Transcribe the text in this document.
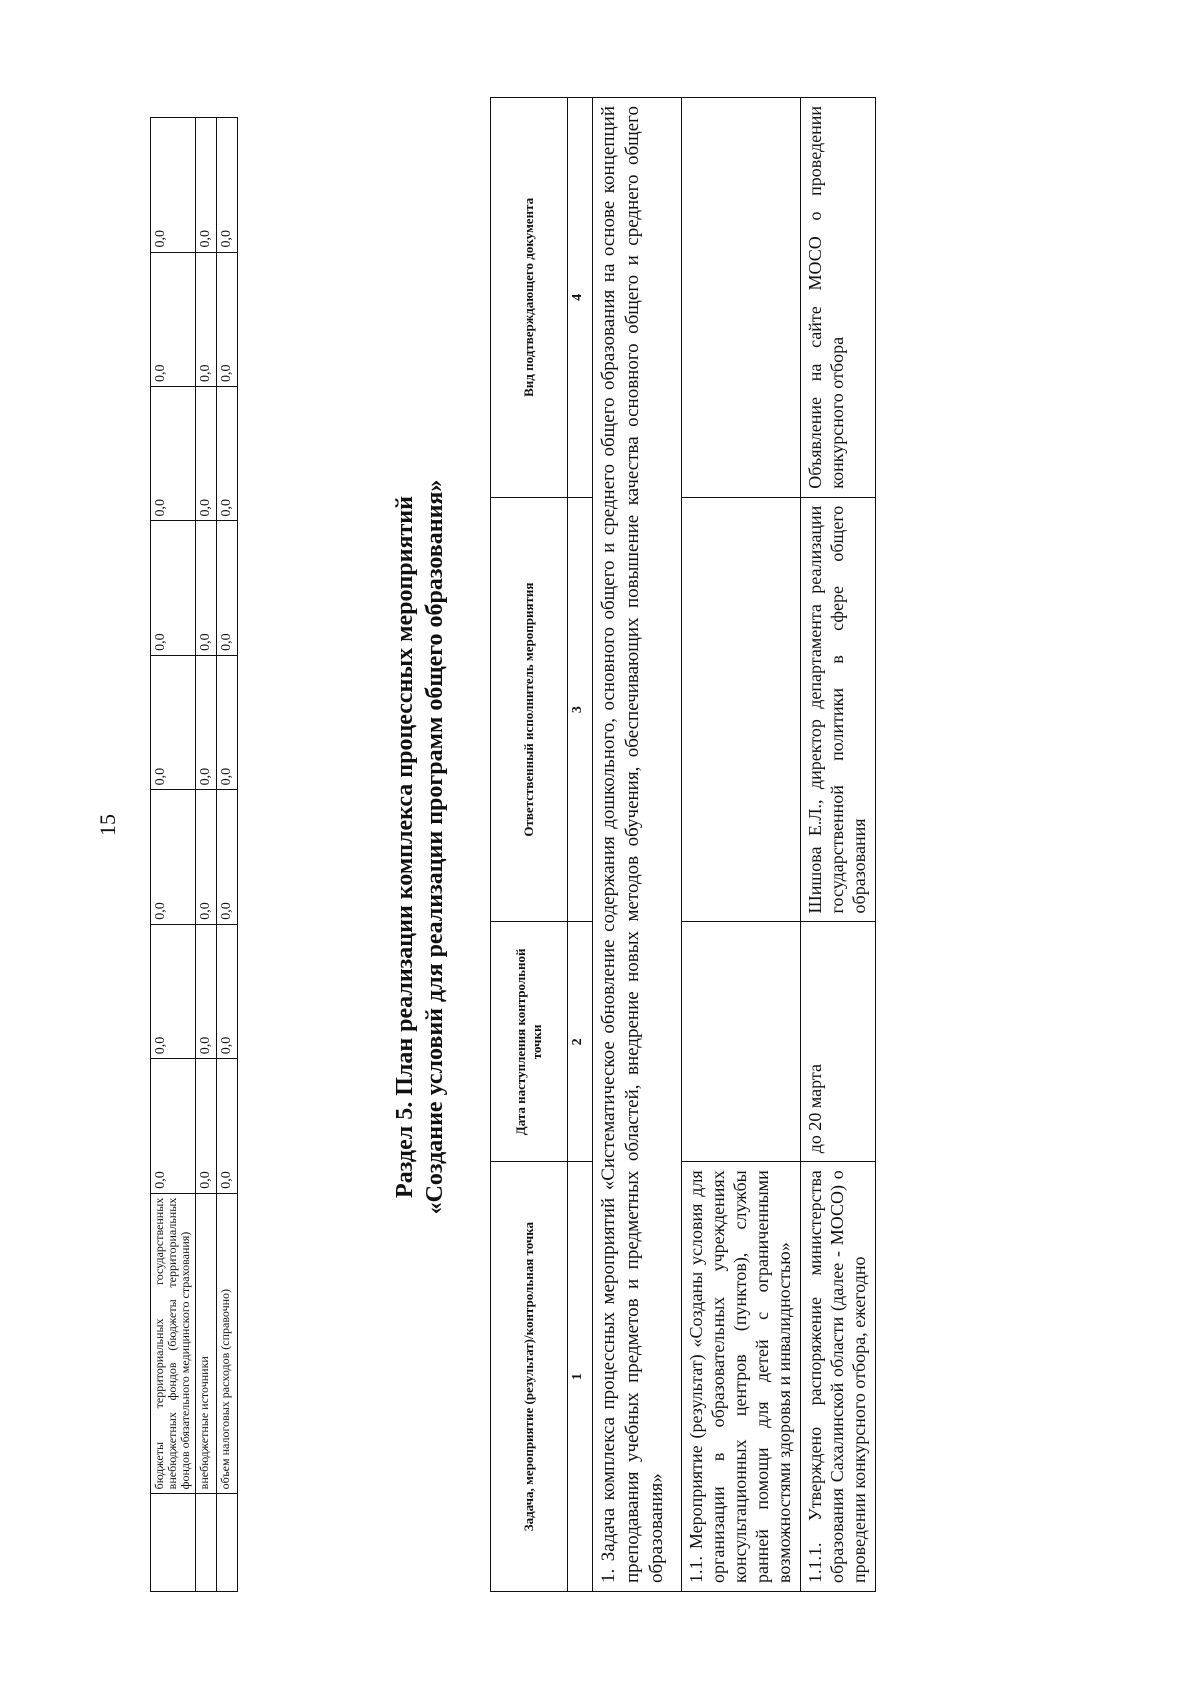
15
	бюджеты территориальных государственных внебюджетных фондов (бюджеты территориальных фондов обязательного медицинского страхования)	0,0	0,0	0,0	0,0	0,0	0,0	0,0	0,0
	внебюджетные источники	0,0	0,0	0,0	0,0	0,0	0,0	0,0	0,0
	объем налоговых расходов (справочно)	0,0	0,0	0,0	0,0	0,0	0,0	0,0	0,0
Раздел 5. План реализации комплекса процессных мероприятий «Создание условий для реализации программ общего образования»
Задача, мероприятие (результат)/контрольная точка	Дата наступления контрольной точки	Ответственный исполнитель мероприятия	Вид подтверждающего документа
1	2	3	4
1. Задача комплекса процессных мероприятий «Систематическое обновление содержания дошкольного, основного общего и среднего общего образования на основе концепций преподавания учебных предметов и предметных областей, внедрение новых методов обучения, обеспечивающих повышение качества основного общего и среднего общего образования»			
1.1. Мероприятие (результат) «Созданы условия для организации в образовательных учреждениях консультационных центров (пунктов), службы ранней помощи для детей с ограниченными возможностями здоровья и инвалидностью»			
1.1.1. Утверждено распоряжение министерства образования Сахалинской области (далее - МОСО) о проведении конкурсного отбора, ежегодно	до 20 марта	Шишова Е.Л., директор департамента реализации государственной политики в сфере общего образования	Объявление на сайте МОСО о проведении конкурсного отбора
